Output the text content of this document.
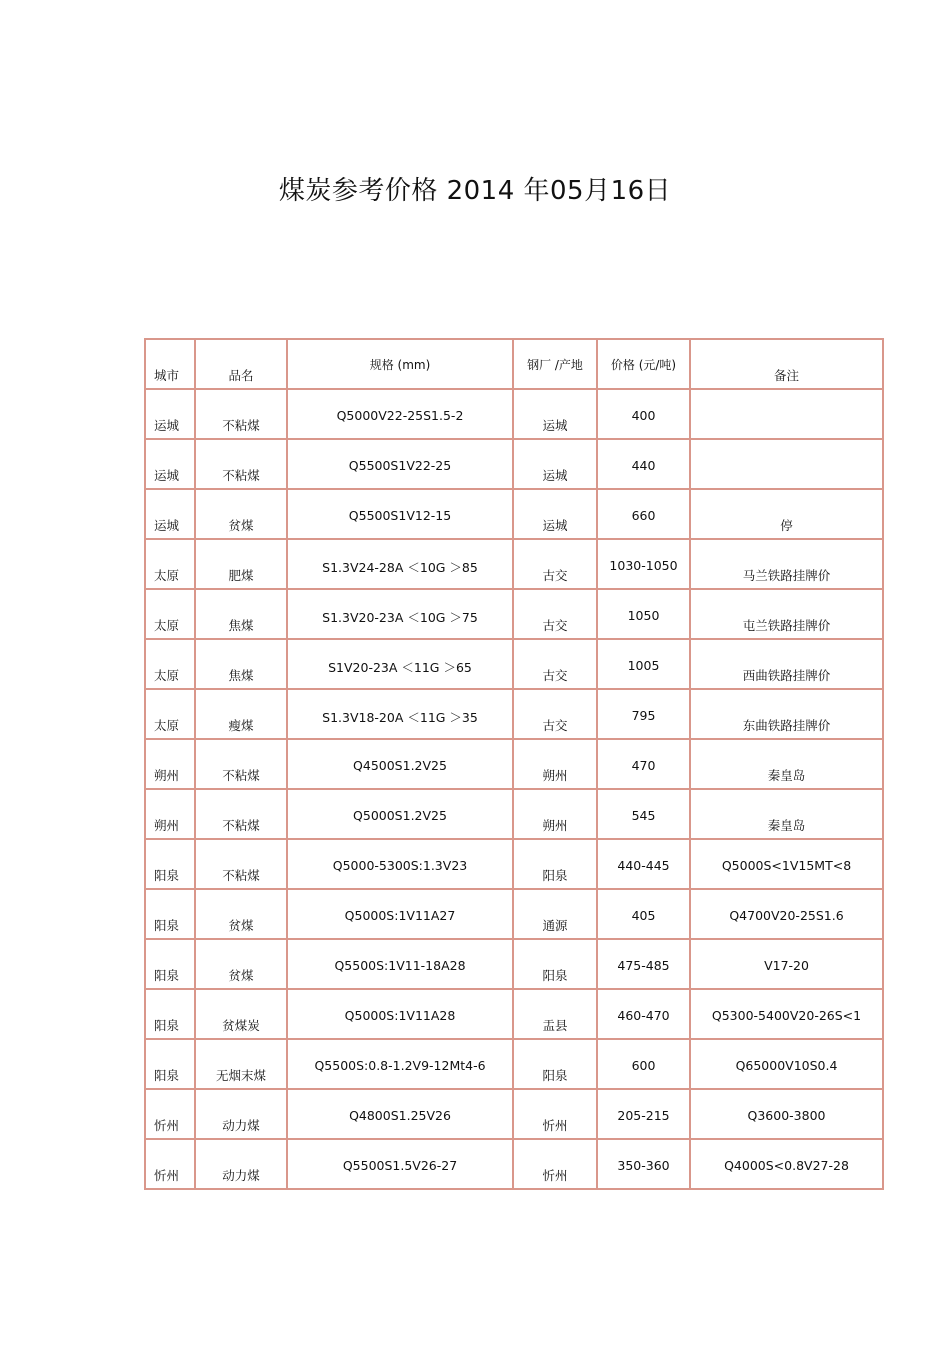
煤炭参考价格 2014 年05月16日
城市	品名	规格 (mm)	钢厂 /产地	价格 (元/吨)	备注

运城	不粘煤	Q5000V22-25S1.5-2	运城	400	

运城	不粘煤	Q5500S1V22-25	运城	440	

运城	贫煤	Q5500S1V12-15	运城	660	停

太原	肥煤	S1.3V24-28A ＜10G ＞85	古交	1030-1050	马兰铁路挂牌价

太原	焦煤	S1.3V20-23A ＜10G ＞75	古交	1050	屯兰铁路挂牌价

太原	焦煤	S1V20-23A ＜11G ＞65	古交	1005	西曲铁路挂牌价

太原	瘦煤	S1.3V18-20A ＜11G ＞35	古交	795	东曲铁路挂牌价

朔州	不粘煤	Q4500S1.2V25	朔州	470	秦皇岛

朔州	不粘煤	Q5000S1.2V25	朔州	545	秦皇岛

阳泉	不粘煤	Q5000-5300S:1.3V23	阳泉	440-445	Q5000S<1V15MT<8

阳泉	贫煤	Q5000S:1V11A27	通源	405	Q4700V20-25S1.6

阳泉	贫煤	Q5500S:1V11-18A28	阳泉	475-485	V17-20

阳泉	贫煤炭	Q5000S:1V11A28	盂县	460-470	Q5300-5400V20-26S<1

阳泉	无烟末煤	Q5500S:0.8-1.2V9-12Mt4-6	阳泉	600	Q65000V10S0.4

忻州	动力煤	Q4800S1.25V26	忻州	205-215	Q3600-3800

忻州	动力煤	Q5500S1.5V26-27	忻州	350-360	Q4000S<0.8V27-28
